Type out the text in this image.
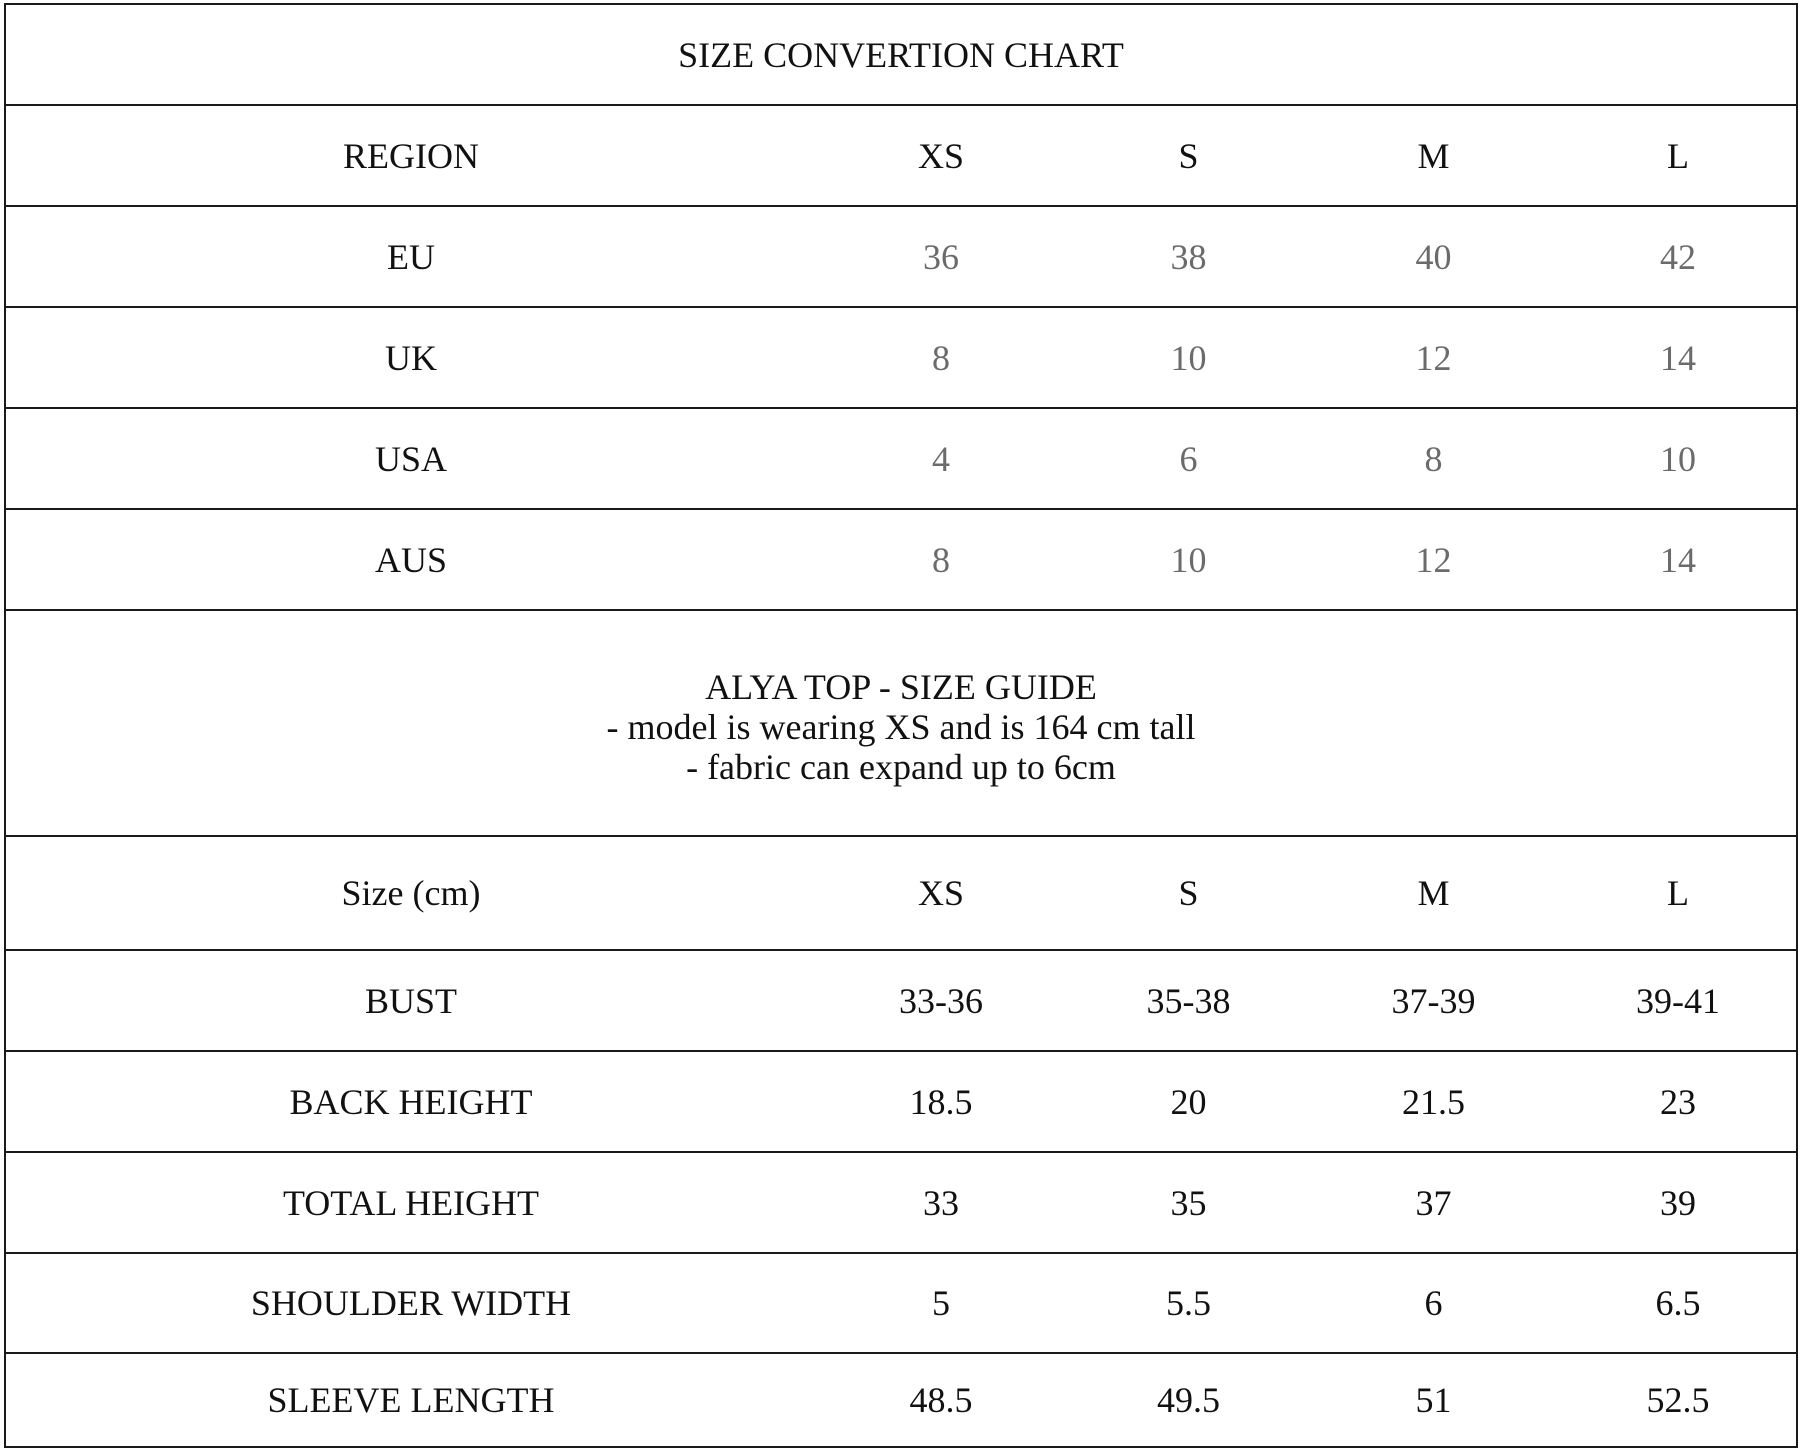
SIZE CONVERTION CHART
REGION	XS	S	M	L
EU	36	38	40	42
UK	8	10	12	14
USA	4	6	8	10
AUS	8	10	12	14
ALYA TOP - SIZE GUIDE
- model is wearing XS and is 164 cm tall
- fabric can expand up to 6cm
Size (cm)	XS	S	M	L
BUST	33-36	35-38	37-39	39-41
BACK HEIGHT	18.5	20	21.5	23
TOTAL HEIGHT	33	35	37	39
SHOULDER WIDTH	5	5.5	6	6.5
SLEEVE LENGTH	48.5	49.5	51	52.5
